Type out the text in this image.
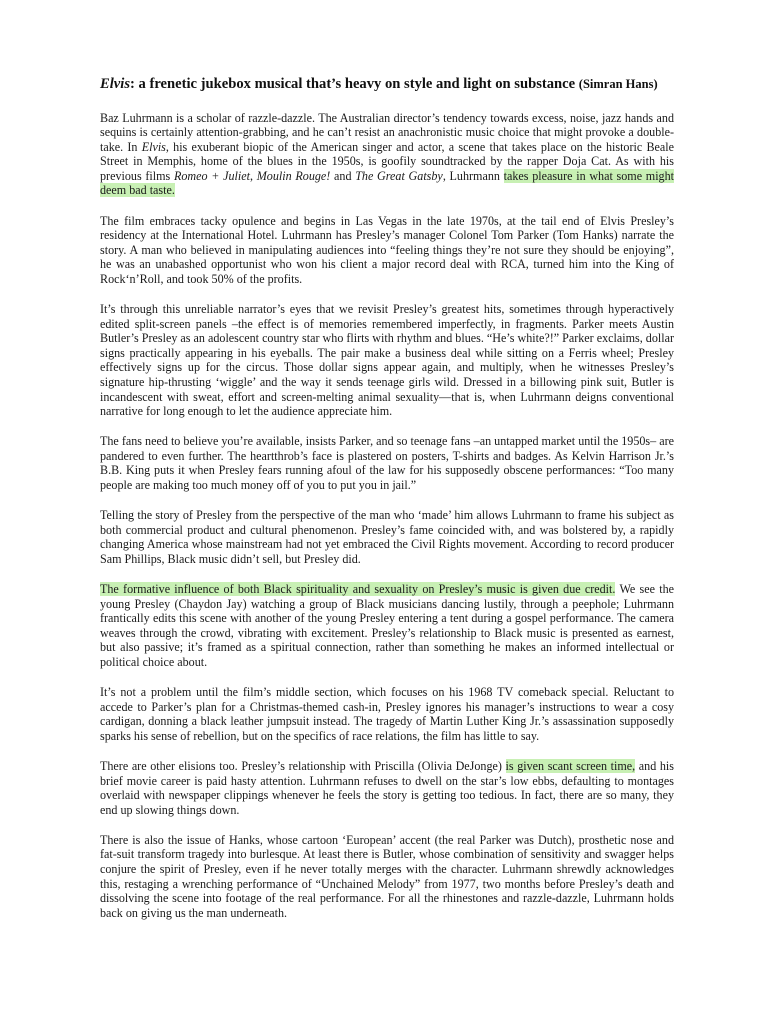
Elvis: a frenetic jukebox musical that’s heavy on style and light on substance (Simran Hans)

Baz Luhrmann is a scholar of razzle-dazzle. The Australian director’s tendency towards excess, noise, jazz hands and sequins is certainly attention-grabbing, and he can’t resist an anachronistic music choice that might provoke a double-take. In Elvis, his exuberant biopic of the American singer and actor, a scene that takes place on the historic Beale Street in Memphis, home of the blues in the 1950s, is goofily soundtracked by the rapper Doja Cat. As with his previous films Romeo + Juliet, Moulin Rouge! and The Great Gatsby, Luhrmann takes pleasure in what some might deem bad taste.

The film embraces tacky opulence and begins in Las Vegas in the late 1970s, at the tail end of Elvis Presley’s residency at the International Hotel. Luhrmann has Presley’s manager Colonel Tom Parker (Tom Hanks) narrate the story. A man who believed in manipulating audiences into “feeling things they’re not sure they should be enjoying”, he was an unabashed opportunist who won his client a major record deal with RCA, turned him into the King of Rock‘n’Roll, and took 50% of the profits.

It’s through this unreliable narrator’s eyes that we revisit Presley’s greatest hits, sometimes through hyperactively edited split-screen panels –the effect is of memories remembered imperfectly, in fragments. Parker meets Austin Butler’s Presley as an adolescent country star who flirts with rhythm and blues. “He’s white?!” Parker exclaims, dollar signs practically appearing in his eyeballs. The pair make a business deal while sitting on a Ferris wheel; Presley effectively signs up for the circus. Those dollar signs appear again, and multiply, when he witnesses Presley’s signature hip-thrusting ‘wiggle’ and the way it sends teenage girls wild. Dressed in a billowing pink suit, Butler is incandescent with sweat, effort and screen-melting animal sexuality—that is, when Luhrmann deigns conventional narrative for long enough to let the audience appreciate him.

The fans need to believe you’re available, insists Parker, and so teenage fans –an untapped market until the 1950s– are pandered to even further. The heartthrob’s face is plastered on posters, T-shirts and badges. As Kelvin Harrison Jr.’s B.B. King puts it when Presley fears running afoul of the law for his supposedly obscene performances: “Too many people are making too much money off of you to put you in jail.”

Telling the story of Presley from the perspective of the man who ‘made’ him allows Luhrmann to frame his subject as both commercial product and cultural phenomenon. Presley’s fame coincided with, and was bolstered by, a rapidly changing America whose mainstream had not yet embraced the Civil Rights movement. According to record producer Sam Phillips, Black music didn’t sell, but Presley did.

The formative influence of both Black spirituality and sexuality on Presley’s music is given due credit. We see the young Presley (Chaydon Jay) watching a group of Black musicians dancing lustily, through a peephole; Luhrmann frantically edits this scene with another of the young Presley entering a tent during a gospel performance. The camera weaves through the crowd, vibrating with excitement. Presley’s relationship to Black music is presented as earnest, but also passive; it’s framed as a spiritual connection, rather than something he makes an informed intellectual or political choice about.

It’s not a problem until the film’s middle section, which focuses on his 1968 TV comeback special. Reluctant to accede to Parker’s plan for a Christmas-themed cash-in, Presley ignores his manager’s instructions to wear a cosy cardigan, donning a black leather jumpsuit instead. The tragedy of Martin Luther King Jr.’s assassination supposedly sparks his sense of rebellion, but on the specifics of race relations, the film has little to say.

There are other elisions too. Presley’s relationship with Priscilla (Olivia DeJonge) is given scant screen time, and his brief movie career is paid hasty attention. Luhrmann refuses to dwell on the star’s low ebbs, defaulting to montages overlaid with newspaper clippings whenever he feels the story is getting too tedious. In fact, there are so many, they end up slowing things down.

There is also the issue of Hanks, whose cartoon ‘European’ accent (the real Parker was Dutch), prosthetic nose and fat-suit transform tragedy into burlesque. At least there is Butler, whose combination of sensitivity and swagger helps conjure the spirit of Presley, even if he never totally merges with the character. Luhrmann shrewdly acknowledges this, restaging a wrenching performance of “Unchained Melody” from 1977, two months before Presley’s death and dissolving the scene into footage of the real performance. For all the rhinestones and razzle-dazzle, Luhrmann holds back on giving us the man underneath.
